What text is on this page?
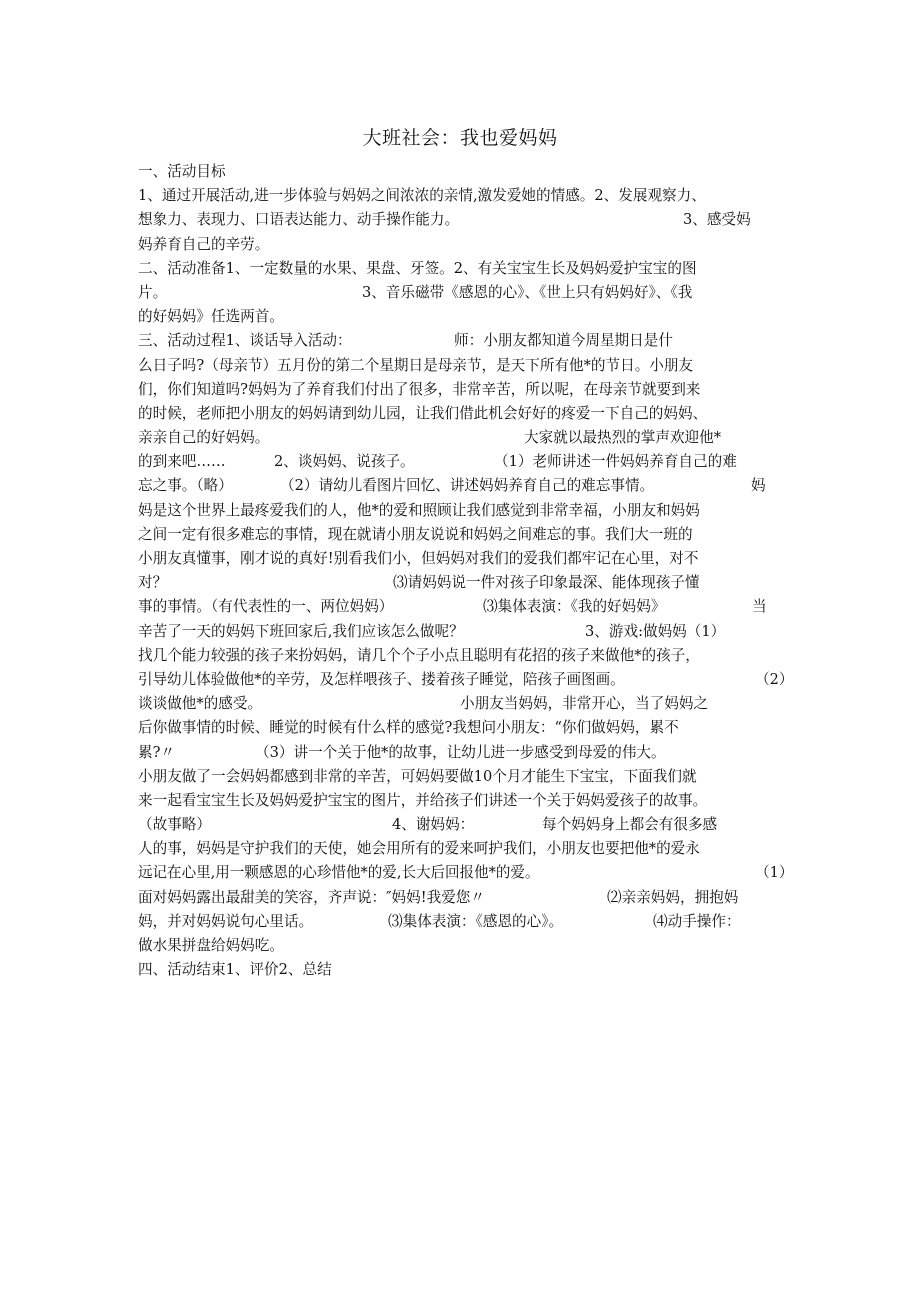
大班社会：我也爱妈妈
一、活动目标
1、通过开展活动,进一步体验与妈妈之间浓浓的亲情,激发爱她的情感。2、发展观察力、
想象力、表现力、口语表达能力、动手操作能力。	3、感受妈
妈养育自己的辛劳。
二、活动准备1、一定数量的水果、果盘、牙签。2、有关宝宝生长及妈妈爱护宝宝的图
片。	3、音乐磁带《感恩的心》、《世上只有妈妈好》、《我
的好妈妈》任选两首。
三、活动过程1、谈话导入活动：	师：小朋友都知道今周星期日是什
么日子吗?（母亲节）五月份的第二个星期日是母亲节，是天下所有他*的节日。小朋友
们，你们知道吗?妈妈为了养育我们付出了很多，非常辛苦，所以呢，在母亲节就要到来
的时候，老师把小朋友的妈妈请到幼儿园，让我们借此机会好好的疼爱一下自己的妈妈、
亲亲自己的好妈妈。	大家就以最热烈的掌声欢迎他*
的到来吧……	2、谈妈妈、说孩子。	（1）老师讲述一件妈妈养育自己的难
忘之事。（略）	（2）请幼儿看图片回忆、讲述妈妈养育自己的难忘事情。	妈
妈是这个世界上最疼爱我们的人，他*的爱和照顾让我们感觉到非常幸福，小朋友和妈妈
之间一定有很多难忘的事情，现在就请小朋友说说和妈妈之间难忘的事。我们大一班的
小朋友真懂事，刚才说的真好!别看我们小，但妈妈对我们的爱我们都牢记在心里，对不
对？	⑶请妈妈说一件对孩子印象最深、能体现孩子懂
事的事情。（有代表性的一、两位妈妈）	⑶集体表演：《我的好妈妈》	当
辛苦了一天的妈妈下班回家后,我们应该怎么做呢？	3、游戏:做妈妈（1）
找几个能力较强的孩子来扮妈妈，请几个个子小点且聪明有花招的孩子来做他*的孩子，
引导幼儿体验做他*的辛劳，及怎样喂孩子、搂着孩子睡觉，陪孩子画图画。	（2）
谈谈做他*的感受。	小朋友当妈妈，非常开心，当了妈妈之
后你做事情的时候、睡觉的时候有什么样的感觉?我想问小朋友：“你们做妈妈，累不
累?〃	（3）讲一个关于他*的故事，让幼儿进一步感受到母爱的伟大。
小朋友做了一会妈妈都感到非常的辛苦，可妈妈要做10个月才能生下宝宝，下面我们就
来一起看宝宝生长及妈妈爱护宝宝的图片，并给孩子们讲述一个关于妈妈爱孩子的故事。
（故事略）	4、谢妈妈：	每个妈妈身上都会有很多感
人的事，妈妈是守护我们的天使，她会用所有的爱来呵护我们，小朋友也要把他*的爱永
远记在心里,用一颗感恩的心珍惜他*的爱,长大后回报他*的爱。	（1）
面对妈妈露出最甜美的笑容，齐声说：″妈妈!我爱您〃	⑵亲亲妈妈，拥抱妈
妈，并对妈妈说句心里话。	⑶集体表演：《感恩的心》。	⑷动手操作：
做水果拼盘给妈妈吃。
四、活动结束1、评价2、总结
